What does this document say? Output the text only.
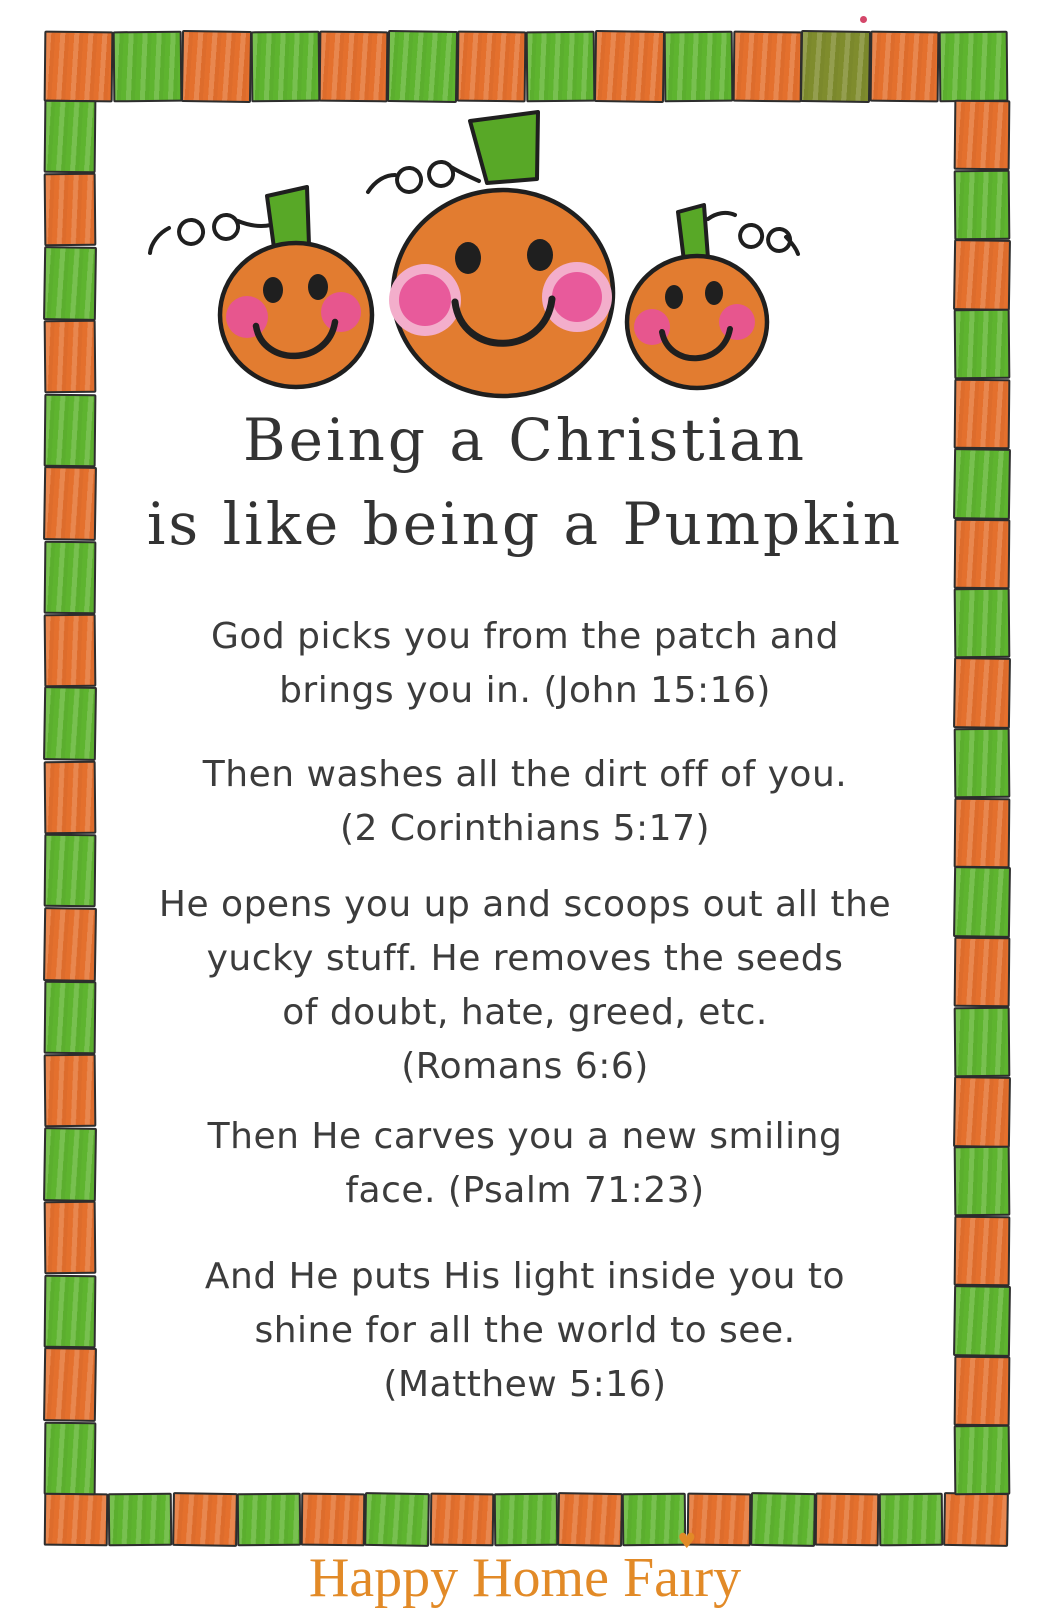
Being a Christian
is like being a Pumpkin
God picks you from the patch and
brings you in. (John 15:16)
Then washes all the dirt off of you.
(2 Corinthians 5:17)
He opens you up and scoops out all the
yucky stuff. He removes the seeds
of doubt, hate, greed, etc.
(Romans 6:6)
Then He carves you a new smiling
face. (Psalm 71:23)
And He puts His light inside you to
shine for all the world to see.
(Matthew 5:16)
Happy Home Faı
♥
ry
